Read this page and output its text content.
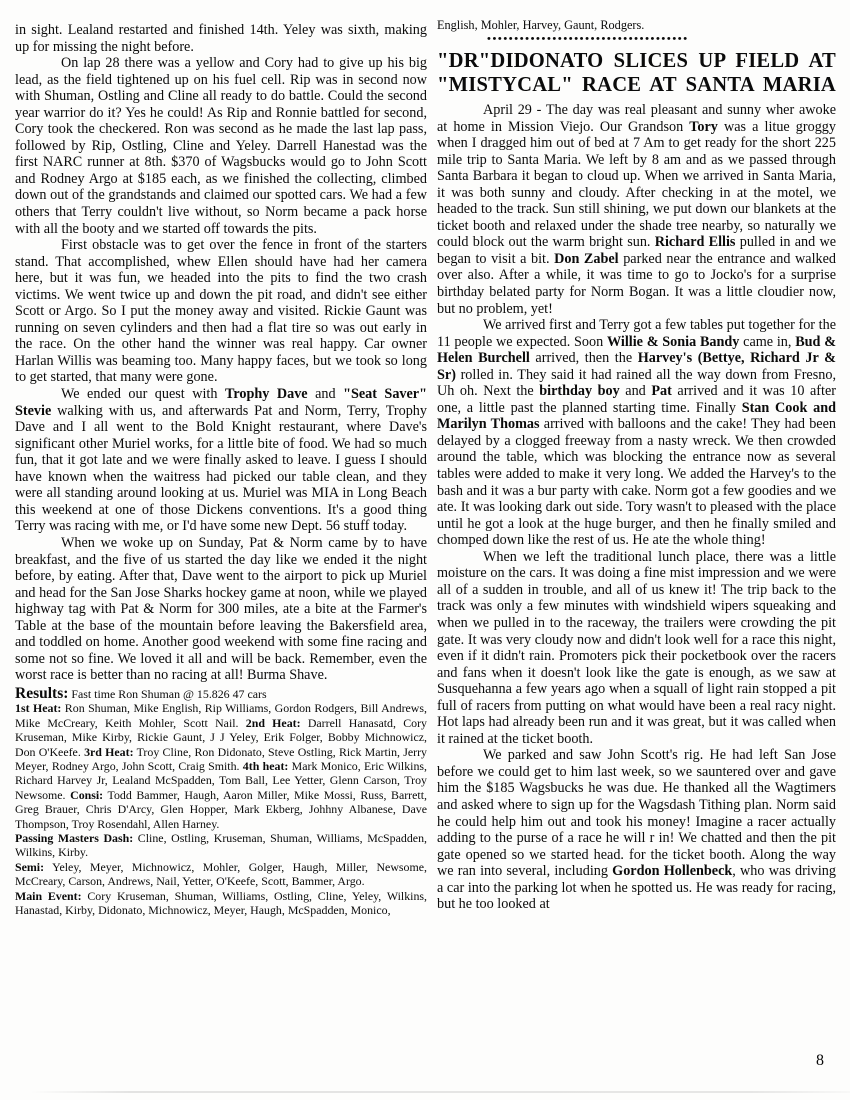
in sight. Lealand restarted and finished 14th. Yeley was sixth, making up for missing the night before.

On lap 28 there was a yellow and Cory had to give up his big lead, as the field tightened up on his fuel cell. Rip was in second now with Shuman, Ostling and Cline all ready to do battle. Could the second year warrior do it? Yes he could! As Rip and Ronnie battled for second, Cory took the checkered. Ron was second as he made the last lap pass, followed by Rip, Ostling, Cline and Yeley. Darrell Hanestad was the first NARC runner at 8th. $370 of Wagsbucks would go to John Scott and Rodney Argo at $185 each, as we finished the collecting, climbed down out of the grandstands and claimed our spotted cars. We had a few others that Terry couldn't live without, so Norm became a pack horse with all the booty and we started off towards the pits.

First obstacle was to get over the fence in front of the starters stand. That accomplished, whew Ellen should have had her camera here, but it was fun, we headed into the pits to find the two crash victims. We went twice up and down the pit road, and didn't see either Scott or Argo. So I put the money away and visited. Rickie Gaunt was running on seven cylinders and then had a flat tire so was out early in the race. On the other hand the winner was real happy. Car owner Harlan Willis was beaming too. Many happy faces, but we took so long to get started, that many were gone.

We ended our quest with Trophy Dave and "Seat Saver" Stevie walking with us, and afterwards Pat and Norm, Terry, Trophy Dave and I all went to the Bold Knight restaurant, where Dave's significant other Muriel works, for a little bite of food. We had so much fun, that it got late and we were finally asked to leave. I guess I should have known when the waitress had picked our table clean, and they were all standing around looking at us. Muriel was MIA in Long Beach this weekend at one of those Dickens conventions. It's a good thing Terry was racing with me, or I'd have some new Dept. 56 stuff today.

When we woke up on Sunday, Pat & Norm came by to have breakfast, and the five of us started the day like we ended it the night before, by eating. After that, Dave went to the airport to pick up Muriel and head for the San Jose Sharks hockey game at noon, while we played highway tag with Pat & Norm for 300 miles, ate a bite at the Farmer's Table at the base of the mountain before leaving the Bakersfield area, and toddled on home. Another good weekend with some fine racing and some not so fine. We loved it all and will be back. Remember, even the worst race is better than no racing at all! Burma Shave.

Results: Fast time Ron Shuman @ 15.826 47 cars

1st Heat: Ron Shuman, Mike English, Rip Williams, Gordon Rodgers, Bill Andrews, Mike McCreary, Keith Mohler, Scott Nail. 2nd Heat: Darrell Hanasatd, Cory Kruseman, Mike Kirby, Rickie Gaunt, J J Yeley, Erik Folger, Bobby Michnowicz, Don O'Keefe. 3rd Heat: Troy Cline, Ron Didonato, Steve Ostling, Rick Martin, Jerry Meyer, Rodney Argo, John Scott, Craig Smith. 4th heat: Mark Monico, Eric Wilkins, Richard Harvey Jr, Lealand McSpadden, Tom Ball, Lee Yetter, Glenn Carson, Troy Newsome. Consi: Todd Bammer, Haugh, Aaron Miller, Mike Mossi, Russ, Barrett, Greg Brauer, Chris D'Arcy, Glen Hopper, Mark Ekberg, Johhny Albanese, Dave Thompson, Troy Rosendahl, Allen Harney.

Passing Masters Dash: Cline, Ostling, Kruseman, Shuman, Williams, McSpadden, Wilkins, Kirby.

Semi: Yeley, Meyer, Michnowicz, Mohler, Golger, Haugh, Miller, Newsome, McCreary, Carson, Andrews, Nail, Yetter, O'Keefe, Scott, Bammer, Argo.

Main Event: Cory Kruseman, Shuman, Williams, Ostling, Cline, Yeley, Wilkins, Hanastad, Kirby, Didonato, Michnowicz, Meyer, Haugh, McSpadden, Monico,

English, Mohler, Harvey, Gaunt, Rodgers.

•••••••••••••••••••••••••••••••••••••
"DR"DIDONATO SLICES UP FIELD AT
"MISTYCAL" RACE AT SANTA MARIA

April 29 - The day was real pleasant and sunny wher awoke at home in Mission Viejo. Our Grandson Tory was a litue groggy when I dragged him out of bed at 7 Am to get ready for the short 225 mile trip to Santa Maria. We left by 8 am and as we passed through Santa Barbara it began to cloud up. When we arrived in Santa Maria, it was both sunny and cloudy. After checking in at the motel, we headed to the track. Sun still shining, we put down our blankets at the ticket booth and relaxed under the shade tree nearby, so naturally we could block out the warm bright sun. Richard Ellis pulled in and we began to visit a bit. Don Zabel parked near the entrance and walked over also. After a while, it was time to go to Jocko's for a surprise birthday belated party for Norm Bogan. It was a little cloudier now, but no problem, yet!

We arrived first and Terry got a few tables put together for the 11 people we expected. Soon Willie & Sonia Bandy came in, Bud & Helen Burchell arrived, then the Harvey's (Bettye, Richard Jr & Sr) rolled in. They said it had rained all the way down from Fresno, Uh oh. Next the birthday boy and Pat arrived and it was 10 after one, a little past the planned starting time. Finally Stan Cook and Marilyn Thomas arrived with balloons and the cake! They had been delayed by a clogged freeway from a nasty wreck. We then crowded around the table, which was blocking the entrance now as several tables were added to make it very long. We added the Harvey's to the bash and it was a bur party with cake. Norm got a few goodies and we ate. It was looking dark out side. Tory wasn't to pleased with the place until he got a look at the huge burger, and then he finally smiled and chomped down like the rest of us. He ate the whole thing!

When we left the traditional lunch place, there was a little moisture on the cars. It was doing a fine mist impression and we were all of a sudden in trouble, and all of us knew it! The trip back to the track was only a few minutes with windshield wipers squeaking and when we pulled in to the raceway, the trailers were crowding the pit gate. It was very cloudy now and didn't look well for a race this night, even if it didn't rain. Promoters pick their pocketbook over the racers and fans when it doesn't look like the gate is enough, as we saw at Susquehanna a few years ago when a squall of light rain stopped a pit full of racers from putting on what would have been a real racy night. Hot laps had already been run and it was great, but it was called when it rained at the ticket booth.

We parked and saw John Scott's rig. He had left San Jose before we could get to him last week, so we sauntered over and gave him the $185 Wagsbucks he was due. He thanked all the Wagtimers and asked where to sign up for the Wagsdash Tithing plan. Norm said he could help him out and took his money! Imagine a racer actually adding to the purse of a race he will r in! We chatted and then the pit gate opened so we started head. for the ticket booth. Along the way we ran into several, including Gordon Hollenbeck, who was driving a car into the parking lot when he spotted us. He was ready for racing, but he too looked at

8
